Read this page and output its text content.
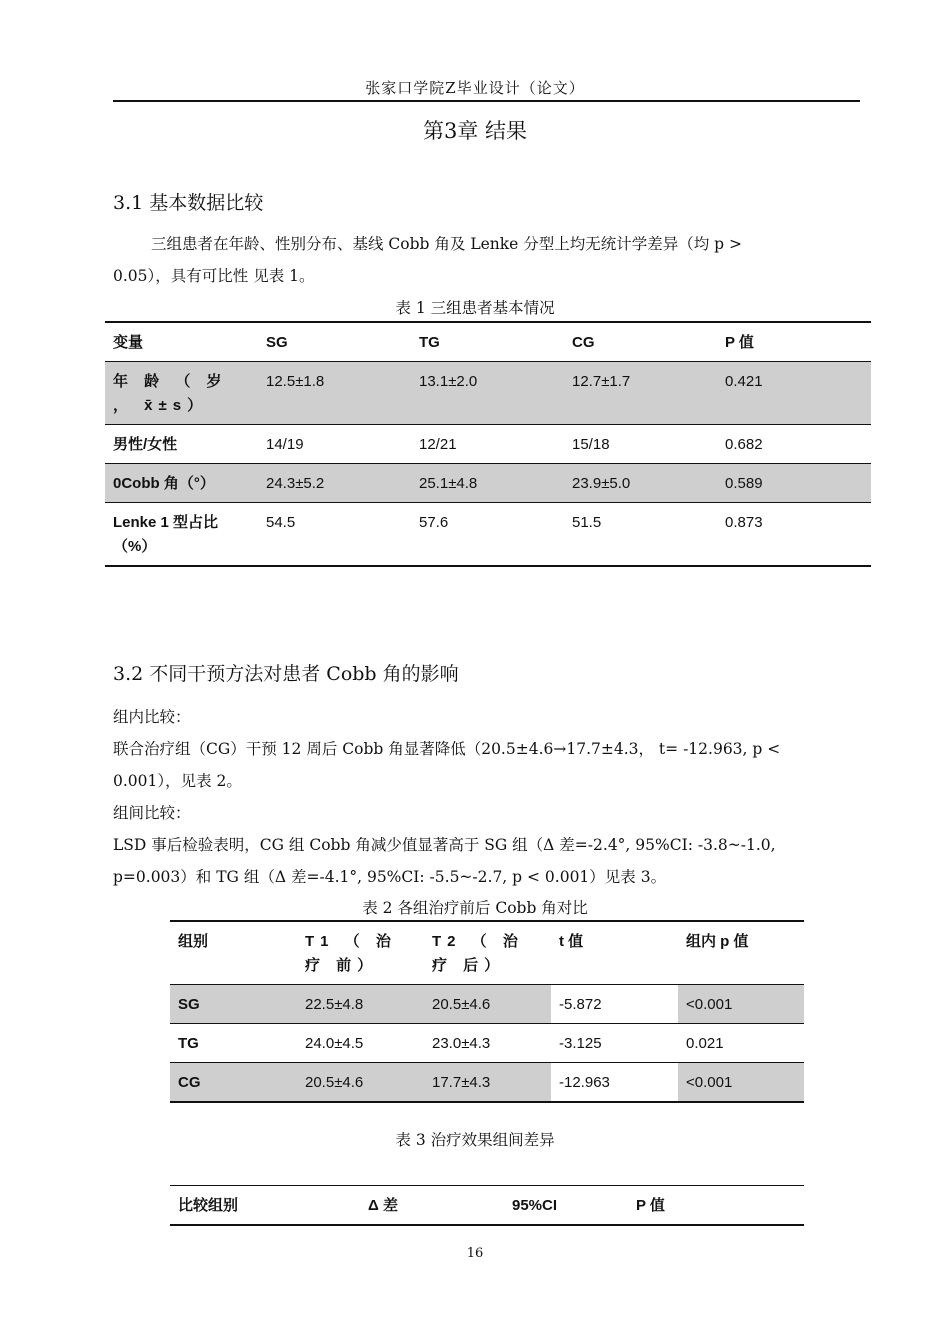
张家口学院Z毕业设计（论文）
第3章 结果
3.1 基本数据比较
三组患者在年龄、性别分布、基线 Cobb 角及 Lenke 分型上均无统计学差异（均 p >
0.05），具有可比性 见表 1。
表 1 三组患者基本情况
变量	SG	TG	CG	P 值
年 龄 （ 岁 ， x̄±s）	12.5±1.8	13.1±2.0	12.7±1.7	0.421
男性/女性	14/19	12/21	15/18	0.682
0Cobb 角（°）	24.3±5.2	25.1±4.8	23.9±5.0	0.589
Lenke 1 型占比（%）	54.5	57.6	51.5	0.873
3.2 不同干预方法对患者 Cobb 角的影响
组内比较：
联合治疗组（CG）干预 12 周后 Cobb 角显著降低（20.5±4.6→17.7±4.3， t= -12.963, p <
0.001），见表 2。
组间比较：
LSD 事后检验表明，CG 组 Cobb 角减少值显著高于 SG 组（Δ 差=-2.4°, 95%CI: -3.8~-1.0,
p=0.003）和 TG 组（Δ 差=-4.1°, 95%CI: -5.5~-2.7, p < 0.001）见表 3。
表 2 各组治疗前后 Cobb 角对比
组别	T1 （ 治 疗 前）	T2 （ 治 疗 后）	t 值	组内 p 值
SG	22.5±4.8	20.5±4.6	-5.872	<0.001
TG	24.0±4.5	23.0±4.3	-3.125	0.021
CG	20.5±4.6	17.7±4.3	-12.963	<0.001
表 3 治疗效果组间差异
比较组别	Δ 差	95%CI	P 值
16
